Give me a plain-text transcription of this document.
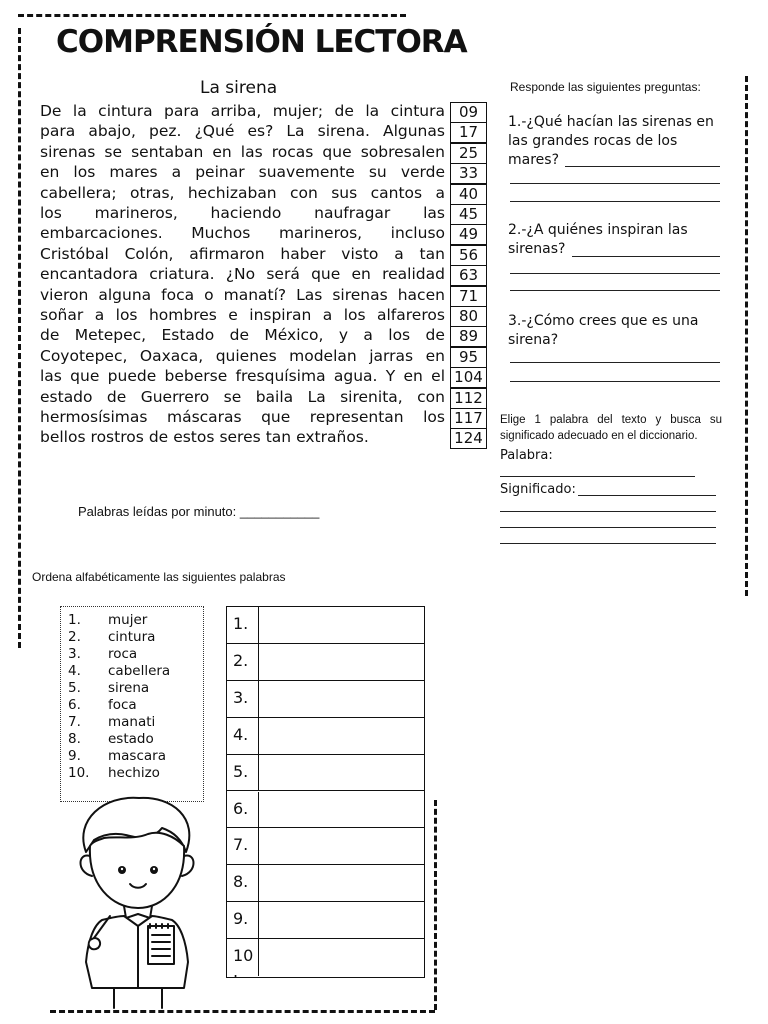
COMPRENSIÓN LECTORA
La sirena
De la cintura para arriba, mujer; de la cintura 09
para abajo, pez. ¿Qué es? La sirena. Algunas 17
sirenas se sentaban en las rocas que sobresalen 25
en los mares a peinar suavemente su verde 33
cabellera; otras, hechizaban con sus cantos a 40
los marineros, haciendo naufragar las 45
embarcaciones. Muchos marineros, incluso 49
Cristóbal Colón, afirmaron haber visto a tan 56
encantadora criatura. ¿No será que en realidad 63
vieron alguna foca o manatí? Las sirenas hacen 71
soñar a los hombres e inspiran a los alfareros 80
de Metepec, Estado de México, y a los de 89
Coyotepec, Oaxaca, quienes modelan jarras en 95
las que puede beberse fresquísima agua. Y en el 104
estado de Guerrero se baila La sirenita, con 112
hermosísimas máscaras que representan los 117
bellos rostros de estos seres tan extraños.	124
Palabras leídas por minuto: ___________
Responde las siguientes preguntas:
1.-¿Qué hacían las sirenas en
las grandes rocas de los
mares?
2.-¿A quiénes inspiran las
sirenas?
3.-¿Cómo crees que es una
sirena?
Elige 1 palabra del texto y busca su significado adecuado en el diccionario.
Palabra:
Significado:
Ordena alfabéticamente las siguientes palabras
1. mujer
2. cintura
3. roca
4. cabellera
5. sirena
6. foca
7. manati
8. estado
9. mascara
10. hechizo
1.
2.
3.
4.
5.
6.
7.
8.
9.
10
.
